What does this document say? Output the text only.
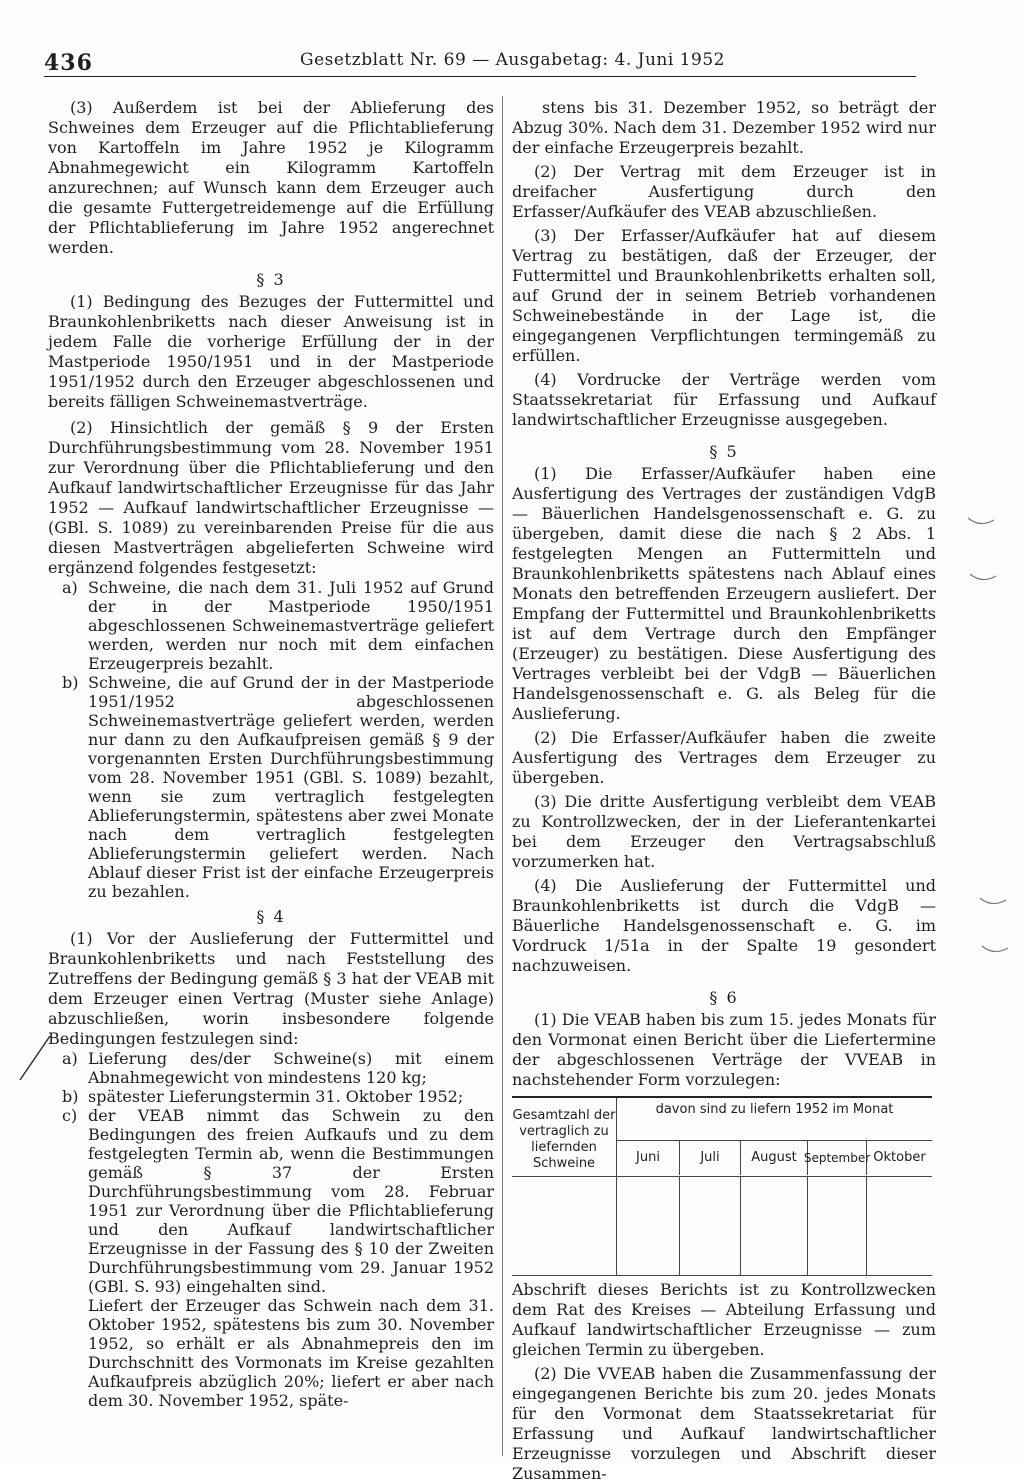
436	Gesetzblatt Nr. 69 — Ausgabetag: 4. Juni 1952

(3) Außerdem ist bei der Ablieferung des Schweines dem Erzeuger auf die Pflichtablieferung von Kartoffeln im Jahre 1952 je Kilogramm Abnahmegewicht ein Kilogramm Kartoffeln anzurechnen; auf Wunsch kann dem Erzeuger auch die gesamte Futtergetreidemenge auf die Erfüllung der Pflichtablieferung im Jahre 1952 angerechnet werden.

§ 3

(1) Bedingung des Bezuges der Futtermittel und Braunkohlenbriketts nach dieser Anweisung ist in jedem Falle die vorherige Erfüllung der in der Mastperiode 1950/1951 und in der Mastperiode 1951/1952 durch den Erzeuger abgeschlossenen und bereits fälligen Schweinemastverträge.

(2) Hinsichtlich der gemäß § 9 der Ersten Durchführungsbestimmung vom 28. November 1951 zur Verordnung über die Pflichtablieferung und den Aufkauf landwirtschaftlicher Erzeugnisse für das Jahr 1952 — Aufkauf landwirtschaftlicher Erzeugnisse — (GBl. S. 1089) zu vereinbarenden Preise für die aus diesen Mastverträgen abgelieferten Schweine wird ergänzend folgendes festgesetzt:

a) Schweine, die nach dem 31. Juli 1952 auf Grund der in der Mastperiode 1950/1951 abgeschlossenen Schweinemastverträge geliefert werden, werden nur noch mit dem einfachen Erzeugerpreis bezahlt.
b) Schweine, die auf Grund der in der Mastperiode 1951/1952 abgeschlossenen Schweinemastverträge geliefert werden, werden nur dann zu den Aufkaufpreisen gemäß § 9 der vorgenannten Ersten Durchführungsbestimmung vom 28. November 1951 (GBl. S. 1089) bezahlt, wenn sie zum vertraglich festgelegten Ablieferungstermin, spätestens aber zwei Monate nach dem vertraglich festgelegten Ablieferungstermin geliefert werden. Nach Ablauf dieser Frist ist der einfache Erzeugerpreis zu bezahlen.

§ 4

(1) Vor der Auslieferung der Futtermittel und Braunkohlenbriketts und nach Feststellung des Zutreffens der Bedingung gemäß § 3 hat der VEAB mit dem Erzeuger einen Vertrag (Muster siehe Anlage) abzuschließen, worin insbesondere folgende Bedingungen festzulegen sind:

a) Lieferung des/der Schweine(s) mit einem Abnahmegewicht von mindestens 120 kg;
b) spätester Lieferungstermin 31. Oktober 1952;
c) der VEAB nimmt das Schwein zu den Bedingungen des freien Aufkaufs und zu dem festgelegten Termin ab, wenn die Bestimmungen gemäß § 37 der Ersten Durchführungsbestimmung vom 28. Februar 1951 zur Verordnung über die Pflichtablieferung und den Aufkauf landwirtschaftlicher Erzeugnisse in der Fassung des § 10 der Zweiten Durchführungsbestimmung vom 29. Januar 1952 (GBl. S. 93) eingehalten sind.
Liefert der Erzeuger das Schwein nach dem 31. Oktober 1952, spätestens bis zum 30. November 1952, so erhält er als Abnahmepreis den im Durchschnitt des Vormonats im Kreise gezahlten Aufkaufpreis abzüglich 20%; liefert er aber nach dem 30. November 1952, späte-

stens bis 31. Dezember 1952, so beträgt der Abzug 30%. Nach dem 31. Dezember 1952 wird nur der einfache Erzeugerpreis bezahlt.

(2) Der Vertrag mit dem Erzeuger ist in dreifacher Ausfertigung durch den Erfasser/Aufkäufer des VEAB abzuschließen.

(3) Der Erfasser/Aufkäufer hat auf diesem Vertrag zu bestätigen, daß der Erzeuger, der Futtermittel und Braunkohlenbriketts erhalten soll, auf Grund der in seinem Betrieb vorhandenen Schweinebestände in der Lage ist, die eingegangenen Verpflichtungen termingemäß zu erfüllen.

(4) Vordrucke der Verträge werden vom Staatssekretariat für Erfassung und Aufkauf landwirtschaftlicher Erzeugnisse ausgegeben.

§ 5

(1) Die Erfasser/Aufkäufer haben eine Ausfertigung des Vertrages der zuständigen VdgB — Bäuerlichen Handelsgenossenschaft e. G. zu übergeben, damit diese die nach § 2 Abs. 1 festgelegten Mengen an Futtermitteln und Braunkohlenbriketts spätestens nach Ablauf eines Monats den betreffenden Erzeugern ausliefert. Der Empfang der Futtermittel und Braunkohlenbriketts ist auf dem Vertrage durch den Empfänger (Erzeuger) zu bestätigen. Diese Ausfertigung des Vertrages verbleibt bei der VdgB — Bäuerlichen Handelsgenossenschaft e. G. als Beleg für die Auslieferung.

(2) Die Erfasser/Aufkäufer haben die zweite Ausfertigung des Vertrages dem Erzeuger zu übergeben.

(3) Die dritte Ausfertigung verbleibt dem VEAB zu Kontrollzwecken, der in der Lieferantenkartei bei dem Erzeuger den Vertragsabschluß vorzumerken hat.

(4) Die Auslieferung der Futtermittel und Braunkohlenbriketts ist durch die VdgB — Bäuerliche Handelsgenossenschaft e. G. im Vordruck 1/51a in der Spalte 19 gesondert nachzuweisen.

§ 6

(1) Die VEAB haben bis zum 15. jedes Monats für den Vormonat einen Bericht über die Liefertermine der abgeschlossenen Verträge der VVEAB in nachstehender Form vorzulegen:

Gesamtzahl der vertraglich zu liefernden Schweine
davon sind zu liefern 1952 im Monat
Juni	Juli	August September Oktober

Abschrift dieses Berichts ist zu Kontrollzwecken dem Rat des Kreises — Abteilung Erfassung und Aufkauf landwirtschaftlicher Erzeugnisse — zum gleichen Termin zu übergeben.

(2) Die VVEAB haben die Zusammenfassung der eingegangenen Berichte bis zum 20. jedes Monats für den Vormonat dem Staatssekretariat für Erfassung und Aufkauf landwirtschaftlicher Erzeugnisse vorzulegen und Abschrift dieser Zusammen-
